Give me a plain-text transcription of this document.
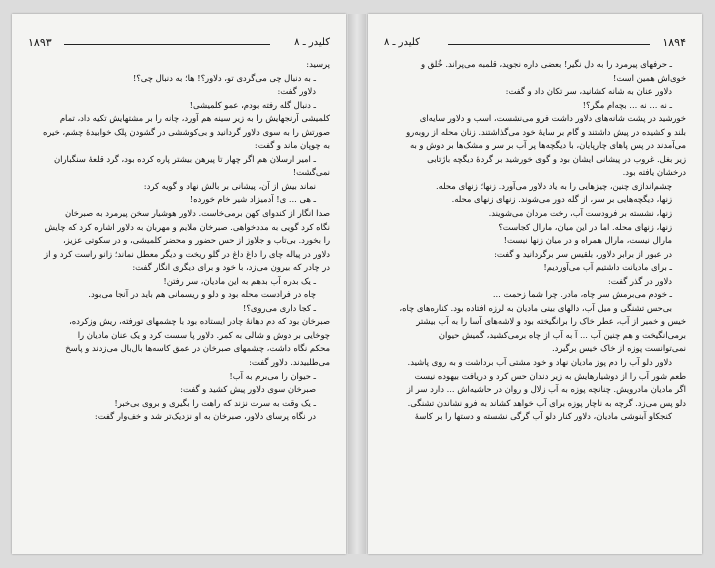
۱۸۹۳	کلیدر ـ ۸
پرسید:
ـ به دنبال چی می‌گردی تو، دلاور؟! ها؛ به دنبال چی؟!
دلاور گفت:
ـ دنبال گله رفته بودم، عمو کلمیشی!
کلمیشی آرنجهایش را به زیر سینه هم آورد، چانه را بر مشتهایش تکیه داد، تمام
صورتش را به سوی دلاور گردانید و بی‌کوششی در گشودن پلک خوابیدهٔ چشم، خیره
به چوپان ماند و گفت:
ـ امیر ارسلان هم اگر چهار تا پیرهن بیشتر پاره کرده بود، گرد قلعهٔ سنگباران
نمی‌گشت!
نماند بیش از آن، پیشانی بر بالش نهاد و گویه کرد:
ـ هی ... ی! آدمیزاد شیر خام خورده!
صدا انگار از کندوای کهن برمی‌خاست. دلاور هوشیار سخن پیرمرد به صبرخان
نگاه کرد گویی به مددخواهی. صبرخان ملایم و مهربان به دلاور اشاره کرد که چایش
را بخورد. بی‌تاب و جلاوز از حس حضور و محضر کلمیشی، و در سکوتی عزیز،
دلاور در پیاله چای را داغ داغ در گلو ریخت و دیگر معطل نماند؛ زانو راست کرد و از
در چادر که بیرون می‌زد، با خود و برای دیگری انگار گفت:
ـ یک بدره آب بدهم به این مادیان، سر رفتن!
چاه در فرادست محله بود و دلو و ریسمانی هم باید در آنجا می‌بود.
ـ کجا داری می‌روی؟!
صبرخان بود که دم دهانهٔ چادر ایستاده بود با چشمهای تورفته، ریش وزکرده،
چوخایی بر دوش و شالی به کمر. دلاور پا سست کرد و یک عنان مادیان را
محکم نگاه داشت، چشمهای صبرخان در عمق کاسه‌ها بال‌بال می‌زدند و پاسخ
می‌طلبیدند. دلاور گفت:
ـ حیوان را می‌برم به آب!
صبرخان سوی دلاور پیش کشید و گفت:
ـ یک وقت به سرت نزند که راهت را بگیری و بروی بی‌خبر!
در نگاه پرسای دلاور، صبرخان به او نزدیک‌تر شد و خف‌وار گفت:
کلیدر ـ ۸	۱۸۹۴
ـ حرفهای پیرمرد را به دل نگیر! بعضی داره نجوید، قلمبه می‌پراند. خُلق و
خوی‌اش همین است!
دلاور عنان به شانه کشانید، سر تکان داد و گفت:
ـ نه ... نه ... بچه‌ام مگر؟!
خورشید در پشت شانه‌های دلاور داشت فرو می‌نشست، اسب و دلاور سایه‌ای
بلند و کشیده در پیش داشتند و گام بر سایهٔ خود می‌گذاشتند. زنان محله از روبه‌رو
می‌آمدند در پس پاهای چارپایان، با دیگچه‌ها پر آب بر سر و مشک‌ها بر دوش و به
زیر بغل. غروب در پیشانی ایشان بود و گوی خورشید بر گردهٔ دیگچه باژتابی
درخشان یافته بود.
چشم‌اندازی چنین، چیزهایی را به یاد دلاور می‌آورد. زنها؛ زنهای محله.
زنها، دیگچه‌هایی بر سر، از گله دور می‌شوند. زنهای زنهای محله.
زنها، نشسته بر فرودست آب، رخت مردان می‌شویند.
زنها، زنهای محله. اما در این میان، مارال کجاست؟
مارال نیست، مارال همراه و در میان زنها نیست!
در عبور از برابر دلاور، بلقیس سر برگردانید و گفت:
ـ برای مادیانت داشتیم آب می‌آوردیم!
دلاور در گذر گفت:
ـ خودم می‌برمش سر چاه، مادر. چرا شما زحمت ...
بی‌حس تشنگی و میل آب، دالهای بینی مادیان به لرزه افتاده بود. کناره‌های چاه،
خیس و خمیر از آب، عطر خاک را برانگیخته بود و لاشه‌های آسا را به آب بیشتر
برمی‌انگیخت و هم چنین آب ... آ به آب از چاه برمی‌کشید، گمیش حیوان
نمی‌توانست پوزه از خاک خیس برگیرد.
دلاور دلو آب را دم پوز مادیان نهاد و خود مشتی آب برداشت و به روی پاشید.
طعم شور آب را از دوشیارهایش به زیر دندان حس کرد و دریافت بیهوده نیست
اگر مادیان مادرویش. چنانچه پوزه به آب زلال و روان در حاشیه‌اش ... دارد سر از
دلو پس می‌زد. گرچه به ناچار پوزه برای آب خواهد کشاند به فرو نشاندن تشنگی.
کنجکاو آبنوشی مادیان، دلاور کنار دلو آب گرگی نشسته و دستها را بر کاسهٔ
